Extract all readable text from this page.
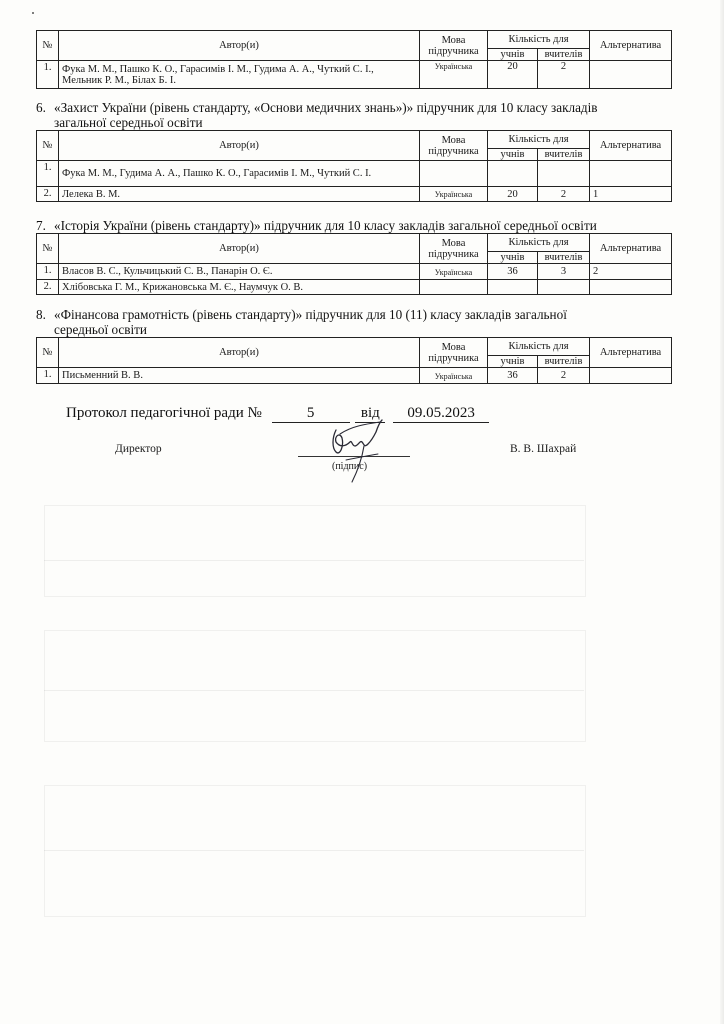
№	Автор(и)	Мова підручника	Кількість для		Альтернатива
			учнів	вчителів	
1.	Фука М. М., Пашко К. О., Гарасимів І. М., Гудима А. А., Чуткий С. І., Мельник Р. М., Білах Б. І.	Українська	20	2	
6. «Захист України (рівень стандарту, «Основи медичних знань»)» підручник для 10 класу закладів
загальної середньої освіти
№	Автор(и)	Мова підручника	Кількість для		Альтернатива
			учнів	вчителів	
1.	Фука М. М., Гудима А. А., Пашко К. О., Гарасимів І. М., Чуткий С. І.				
2.	Лелека В. М.	Українська	20	2	1
7. «Історія України (рівень стандарту)» підручник для 10 класу закладів загальної середньої освіти
№	Автор(и)	Мова підручника	Кількість для		Альтернатива
			учнів	вчителів	
1.	Власов В. С., Кульчицький С. В., Панарін О. Є.	Українська	36	3	2
2.	Хлібовська Г. М., Крижановська М. Є., Наумчук О. В.				
8. «Фінансова грамотність (рівень стандарту)» підручник для 10 (11) класу закладів загальної
середньої освіти
№	Автор(и)	Мова підручника	Кількість для		Альтернатива
			учнів	вчителів	
1.	Письменний В. В.	Українська	36	2	
Протокол педагогічної ради №	5	від 09.05.2023
Директор
(підпис)
В. В. Шахрай
